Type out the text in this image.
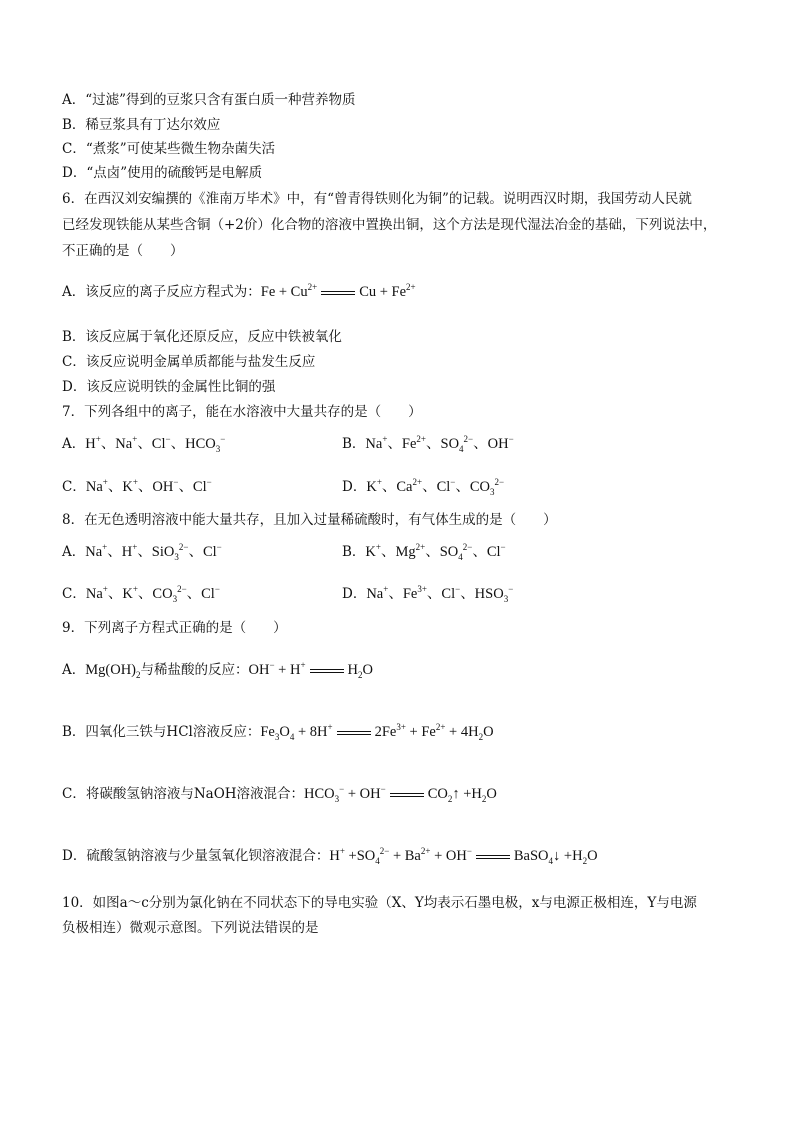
A．“过滤”得到的豆浆只含有蛋白质一种营养物质
B．稀豆浆具有丁达尔效应
C．“煮浆”可使某些微生物杂菌失活
D．“点卤”使用的硫酸钙是电解质
6．在西汉刘安编撰的《淮南万毕术》中，有“曾青得铁则化为铜”的记载。说明西汉时期，我国劳动人民就
已经发现铁能从某些含铜（+2价）化合物的溶液中置换出铜，这个方法是现代湿法冶金的基础，下列说法中，
不正确的是（　　）
A．该反应的离子反应方程式为：$Fe + Cu^{2+}$	$Cu + Fe^{2+}$
B．该反应属于氧化还原反应，反应中铁被氧化
C．该反应说明金属单质都能与盐发生反应
D．该反应说明铁的金属性比铜的强
7．下列各组中的离子，能在水溶液中大量共存的是（　　）
A．H+、Na+、Cl−、$HCO_3^-$	B．Na+、$Fe^{2+}$、$SO_4^{2-}$、OH−
C．Na+、K+、OH−、Cl−	D．K+、$Ca^{2+}$、Cl−、$CO_3^{2-}$
8．在无色透明溶液中能大量共存，且加入过量稀硫酸时，有气体生成的是（　　）
A．Na+、H+、SiO$_3^{2-}$、Cl−	B．K+、$Mg^{2+}$、$SO_4^{2-}$、Cl−
C．Na+、K+、$CO_3^{2-}$、Cl−	D．Na+、$Fe^{3+}$、Cl−、$HSO_3^-$
9．下列离子方程式正确的是（　　）
A．$Mg(OH)_2$与稀盐酸的反应：OH− + H+	$H_2O$
B．四氧化三铁与HCl溶液反应：$Fe_3O_4 + 8H^+$	$2Fe^{3+} + Fe^{2+} + 4H_2O$
C．将碳酸氢钠溶液与NaOH溶液混合：$HCO_3^- + OH^-$	$CO_2↑ +H_2O$
D．硫酸氢钠溶液与少量氢氧化钡溶液混合：$H^+ +SO_4^{2-} + Ba^{2+} + OH^-$	BaSO$_4$↓ $+H_2O$
10．如图a～c分别为氯化钠在不同状态下的导电实验（X、Y均表示石墨电极，x与电源正极相连，Y与电源
负极相连）微观示意图。下列说法错误的是
